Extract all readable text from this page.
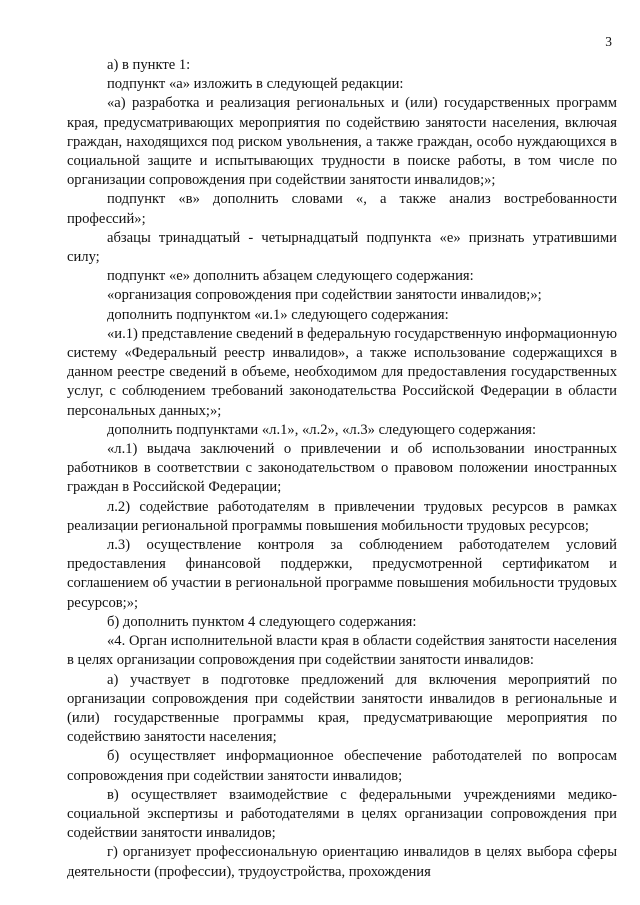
3

а) в пункте 1:

подпункт «а» изложить в следующей редакции:

«а) разработка и реализация региональных и (или) государственных программ края, предусматривающих мероприятия по содействию занятости населения, включая граждан, находящихся под риском увольнения, а также граждан, особо нуждающихся в социальной защите и испытывающих трудности в поиске работы, в том числе по организации сопровождения при содействии занятости инвалидов;»;

подпункт «в» дополнить словами «, а также анализ востребованности профессий»;

абзацы тринадцатый - четырнадцатый подпункта «е» признать утратившими силу;

подпункт «е» дополнить абзацем следующего содержания:

«организация сопровождения при содействии занятости инвалидов;»;

дополнить подпунктом «и.1» следующего содержания:

«и.1) представление сведений в федеральную государственную информационную систему «Федеральный реестр инвалидов», а также использование содержащихся в данном реестре сведений в объеме, необходимом для предоставления государственных услуг, с соблюдением требований законодательства Российской Федерации в области персональных данных;»;

дополнить подпунктами «л.1», «л.2», «л.3» следующего содержания:

«л.1) выдача заключений о привлечении и об использовании иностранных работников в соответствии с законодательством о правовом положении иностранных граждан в Российской Федерации;

л.2) содействие работодателям в привлечении трудовых ресурсов в рамках реализации региональной программы повышения мобильности трудовых ресурсов;

л.3) осуществление контроля за соблюдением работодателем условий предоставления финансовой поддержки, предусмотренной сертификатом и соглашением об участии в региональной программе повышения мобильности трудовых ресурсов;»;

б) дополнить пунктом 4 следующего содержания:

«4. Орган исполнительной власти края в области содействия занятости населения в целях организации сопровождения при содействии занятости инвалидов:

а) участвует в подготовке предложений для включения мероприятий по организации сопровождения при содействии занятости инвалидов в региональные и (или) государственные программы края, предусматривающие мероприятия по содействию занятости населения;

б) осуществляет информационное обеспечение работодателей по вопросам сопровождения при содействии занятости инвалидов;

в) осуществляет взаимодействие с федеральными учреждениями медико-социальной экспертизы и работодателями в целях организации сопровождения при содействии занятости инвалидов;

г) организует профессиональную ориентацию инвалидов в целях выбора сферы деятельности (профессии), трудоустройства, прохождения
